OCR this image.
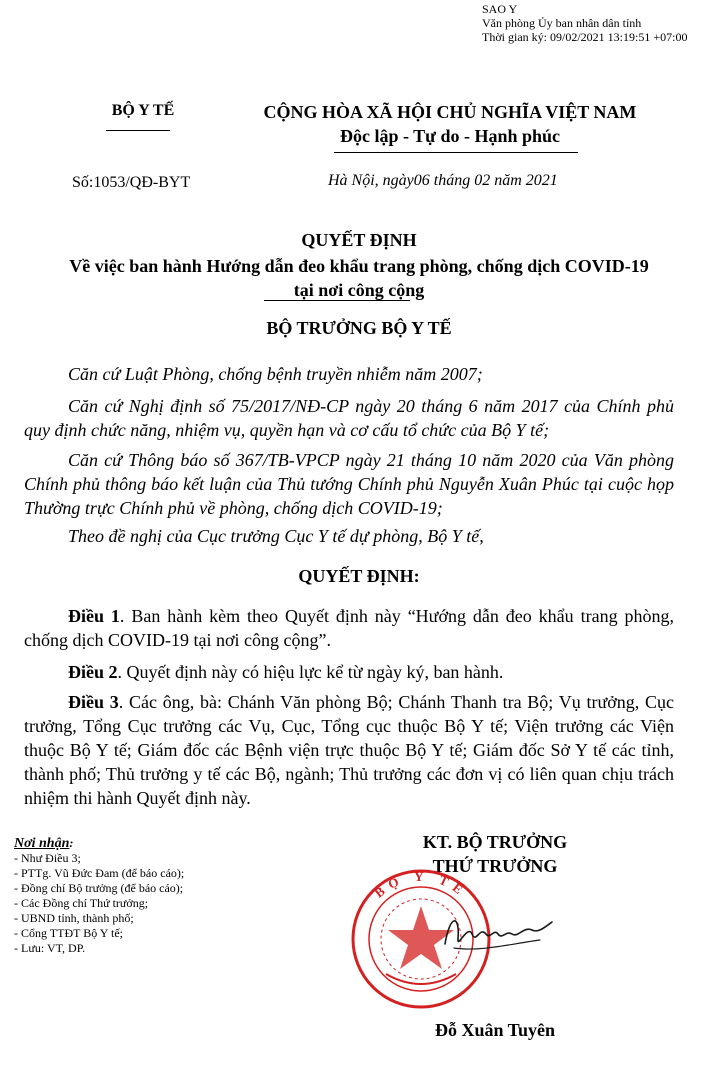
SAO Y
Văn phòng Ủy ban nhân dân tỉnh
Thời gian ký: 09/02/2021 13:19:51 +07:00
BỘ Y TẾ	CỘNG HÒA XÃ HỘI CHỦ NGHĨA VIỆT NAM
Độc lập - Tự do - Hạnh phúc
Số:1053/QĐ-BYT	Hà Nội, ngày06 tháng 02 năm 2021
QUYẾT ĐỊNH
Về việc ban hành Hướng dẫn đeo khẩu trang phòng, chống dịch COVID-19
tại nơi công cộng
BỘ TRƯỞNG BỘ Y TẾ
Căn cứ Luật Phòng, chống bệnh truyền nhiễm năm 2007;
Căn cứ Nghị định số 75/2017/NĐ-CP ngày 20 tháng 6 năm 2017 của Chính phủ quy định chức năng, nhiệm vụ, quyền hạn và cơ cấu tổ chức của Bộ Y tế;
Căn cứ Thông báo số 367/TB-VPCP ngày 21 tháng 10 năm 2020 của Văn phòng Chính phủ thông báo kết luận của Thủ tướng Chính phủ Nguyễn Xuân Phúc tại cuộc họp Thường trực Chính phủ về phòng, chống dịch COVID-19;
Theo đề nghị của Cục trưởng Cục Y tế dự phòng, Bộ Y tế,
QUYẾT ĐỊNH:
Điều 1. Ban hành kèm theo Quyết định này “Hướng dẫn đeo khẩu trang phòng, chống dịch COVID-19 tại nơi công cộng”.
Điều 2. Quyết định này có hiệu lực kể từ ngày ký, ban hành.
Điều 3. Các ông, bà: Chánh Văn phòng Bộ; Chánh Thanh tra Bộ; Vụ trưởng, Cục trưởng, Tổng Cục trưởng các Vụ, Cục, Tổng cục thuộc Bộ Y tế; Viện trưởng các Viện thuộc Bộ Y tế; Giám đốc các Bệnh viện trực thuộc Bộ Y tế; Giám đốc Sở Y tế các tỉnh, thành phố; Thủ trưởng y tế các Bộ, ngành; Thủ trưởng các đơn vị có liên quan chịu trách nhiệm thi hành Quyết định này.
Nơi nhận:
- Như Điều 3;
- PTTg. Vũ Đức Đam (để báo cáo);
- Đồng chí Bộ trưởng (để báo cáo);
- Các Đồng chí Thứ trưởng;
- UBND tỉnh, thành phố;
- Cổng TTĐT Bộ Y tế;
- Lưu: VT, DP.
KT. BỘ TRƯỞNG
THỨ TRƯỞNG
BỘ Y TẾ
Đỗ Xuân Tuyên
